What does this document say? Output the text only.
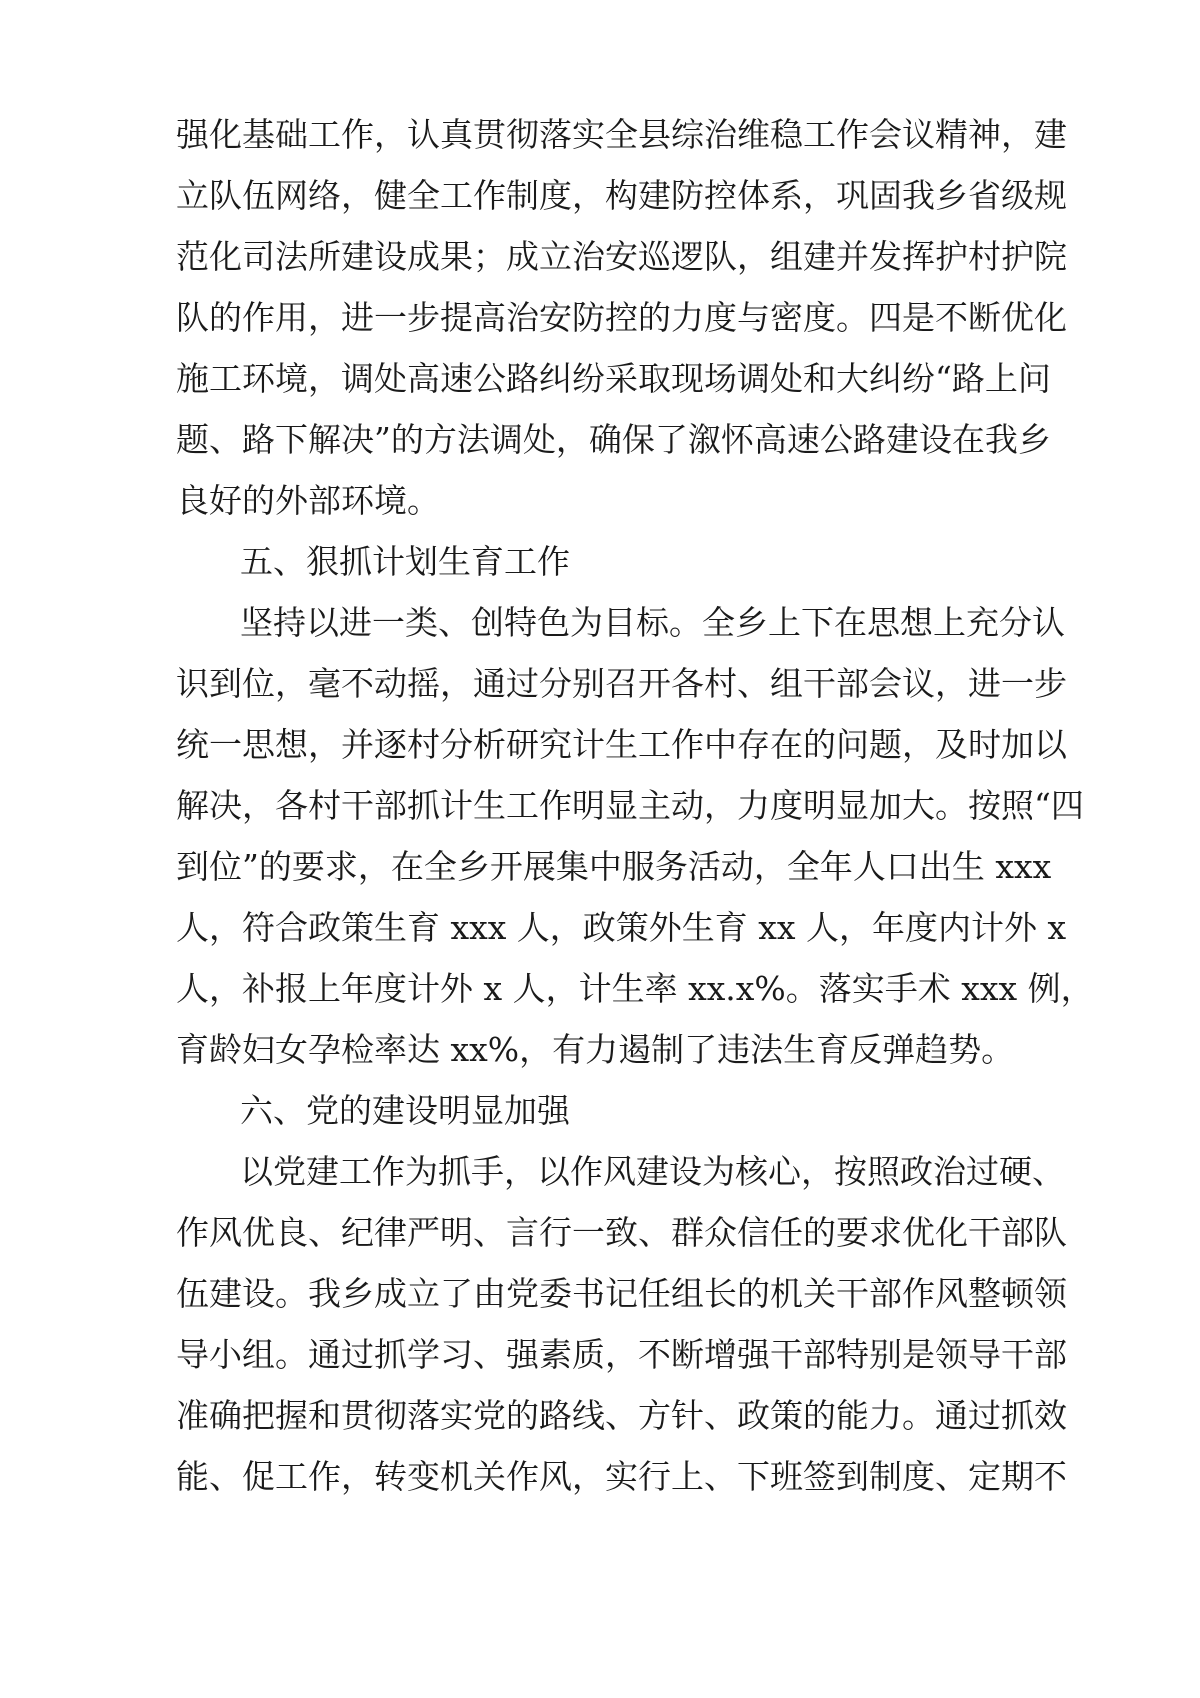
强化基础工作，认真贯彻落实全县综治维稳工作会议精神，建
立队伍网络，健全工作制度，构建防控体系，巩固我乡省级规
范化司法所建设成果；成立治安巡逻队，组建并发挥护村护院
队的作用，进一步提高治安防控的力度与密度。四是不断优化
施工环境，调处高速公路纠纷采取现场调处和大纠纷“路上问
题、路下解决”的方法调处，确保了溆怀高速公路建设在我乡
良好的外部环境。
五、狠抓计划生育工作
坚持以进一类、创特色为目标。全乡上下在思想上充分认
识到位，毫不动摇，通过分别召开各村、组干部会议，进一步
统一思想，并逐村分析研究计生工作中存在的问题，及时加以
解决，各村干部抓计生工作明显主动，力度明显加大。按照“四
到位”的要求，在全乡开展集中服务活动，全年人口出生 xxx
人，符合政策生育 xxx 人，政策外生育 xx 人，年度内计外 x
人，补报上年度计外 x 人，计生率 xx.x%。落实手术 xxx 例，
育龄妇女孕检率达 xx%，有力遏制了违法生育反弹趋势。
六、党的建设明显加强
以党建工作为抓手，以作风建设为核心，按照政治过硬、
作风优良、纪律严明、言行一致、群众信任的要求优化干部队
伍建设。我乡成立了由党委书记任组长的机关干部作风整顿领
导小组。通过抓学习、强素质，不断增强干部特别是领导干部
准确把握和贯彻落实党的路线、方针、政策的能力。通过抓效
能、促工作，转变机关作风，实行上、下班签到制度、定期不
